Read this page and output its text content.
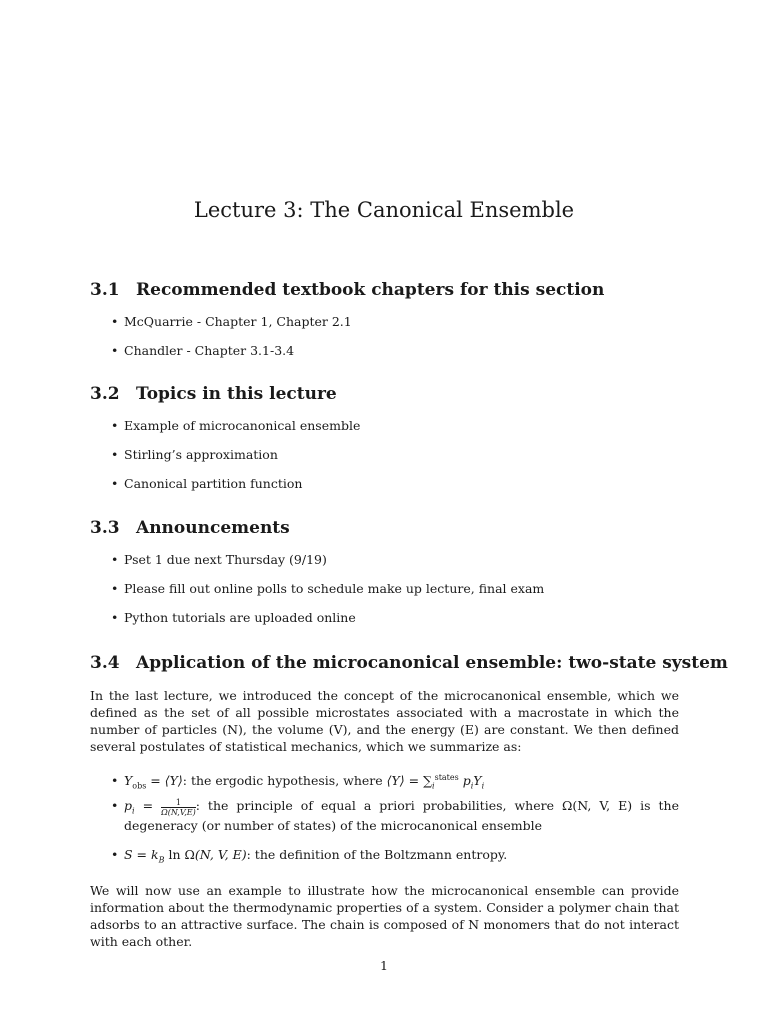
Lecture 3: The Canonical Ensemble
3.1 Recommended textbook chapters for this section
• McQuarrie - Chapter 1, Chapter 2.1
• Chandler - Chapter 3.1-3.4
3.2 Topics in this lecture
• Example of microcanonical ensemble
• Stirling’s approximation
• Canonical partition function
3.3 Announcements
• Pset 1 due next Thursday (9/19)
• Please fill out online polls to schedule make up lecture, final exam
• Python tutorials are uploaded online
3.4 Application of the microcanonical ensemble: two-state system
In the last lecture, we introduced the concept of the microcanonical ensemble, which we defined as the set of all possible microstates associated with a macrostate in which the number of particles (N), the volume (V), and the energy (E) are constant. We then defined several postulates of statistical mechanics, which we summarize as:
• $Y_{obs}$ = ⟨Y⟩: the ergodic hypothesis, where ⟨Y⟩ = $\sum_i^{states}$ $p_iY_i$
• $p_i = \frac{1}{\Omega(N,V,E)}$ : the principle of equal a priori probabilities, where Ω(N, V, E) is the degeneracy (or number of states) of the microcanonical ensemble
• $S = k_B$ ln Ω(N, V, E): the definition of the Boltzmann entropy.
We will now use an example to illustrate how the microcanonical ensemble can provide information about the thermodynamic properties of a system. Consider a polymer chain that adsorbs to an attractive surface. The chain is composed of N monomers that do not interact with each other.
1
